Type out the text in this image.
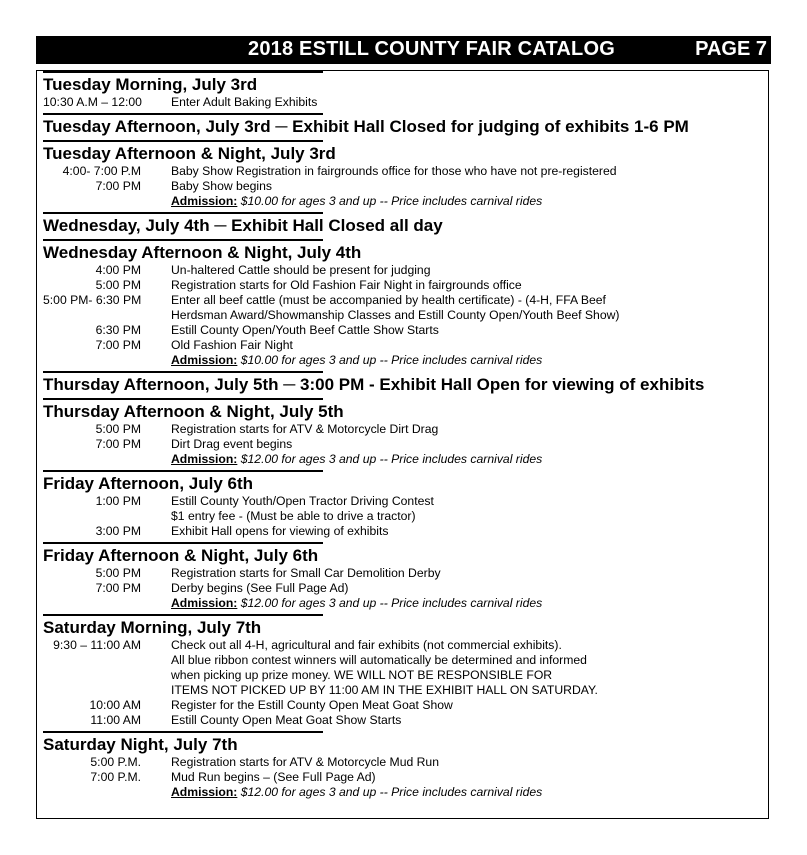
2018 ESTILL COUNTY FAIR CATALOG	PAGE 7
Tuesday Morning, July 3rd
10:30 A.M – 12:00	Enter Adult Baking Exhibits
Tuesday Afternoon, July 3rd ─ Exhibit Hall Closed for judging of exhibits 1-6 PM
Tuesday Afternoon & Night, July 3rd
4:00- 7:00 P.M	Baby Show Registration in fairgrounds office for those who have not pre-registered
7:00 PM	Baby Show begins
Admission: $10.00 for ages 3 and up -- Price includes carnival rides
Wednesday, July 4th ─ Exhibit Hall Closed all day
Wednesday Afternoon & Night, July 4th
4:00 PM	Un-haltered Cattle should be present for judging
5:00 PM	Registration starts for Old Fashion Fair Night in fairgrounds office
5:00 PM- 6:30 PM	Enter all beef cattle (must be accompanied by health certificate) - (4-H, FFA Beef
Herdsman Award/Showmanship Classes and Estill County Open/Youth Beef Show)
6:30 PM	Estill County Open/Youth Beef Cattle Show Starts
7:00 PM	Old Fashion Fair Night
Admission: $10.00 for ages 3 and up -- Price includes carnival rides
Thursday Afternoon, July 5th ─ 3:00 PM - Exhibit Hall Open for viewing of exhibits
Thursday Afternoon & Night, July 5th
5:00 PM	Registration starts for ATV & Motorcycle Dirt Drag
7:00 PM	Dirt Drag event begins
Admission: $12.00 for ages 3 and up -- Price includes carnival rides
Friday Afternoon, July 6th
1:00 PM	Estill County Youth/Open Tractor Driving Contest
$1 entry fee - (Must be able to drive a tractor)
3:00 PM	Exhibit Hall opens for viewing of exhibits
Friday Afternoon & Night, July 6th
5:00 PM	Registration starts for Small Car Demolition Derby
7:00 PM	Derby begins (See Full Page Ad)
Admission: $12.00 for ages 3 and up -- Price includes carnival rides
Saturday Morning, July 7th
9:30 – 11:00 AM	Check out all 4-H, agricultural and fair exhibits (not commercial exhibits).
All blue ribbon contest winners will automatically be determined and informed
when picking up prize money. WE WILL NOT BE RESPONSIBLE FOR
ITEMS NOT PICKED UP BY 11:00 AM IN THE EXHIBIT HALL ON SATURDAY.
10:00 AM	Register for the Estill County Open Meat Goat Show
11:00 AM	Estill County Open Meat Goat Show Starts
Saturday Night, July 7th
5:00 P.M.	Registration starts for ATV & Motorcycle Mud Run
7:00 P.M.	Mud Run begins – (See Full Page Ad)
Admission: $12.00 for ages 3 and up -- Price includes carnival rides
